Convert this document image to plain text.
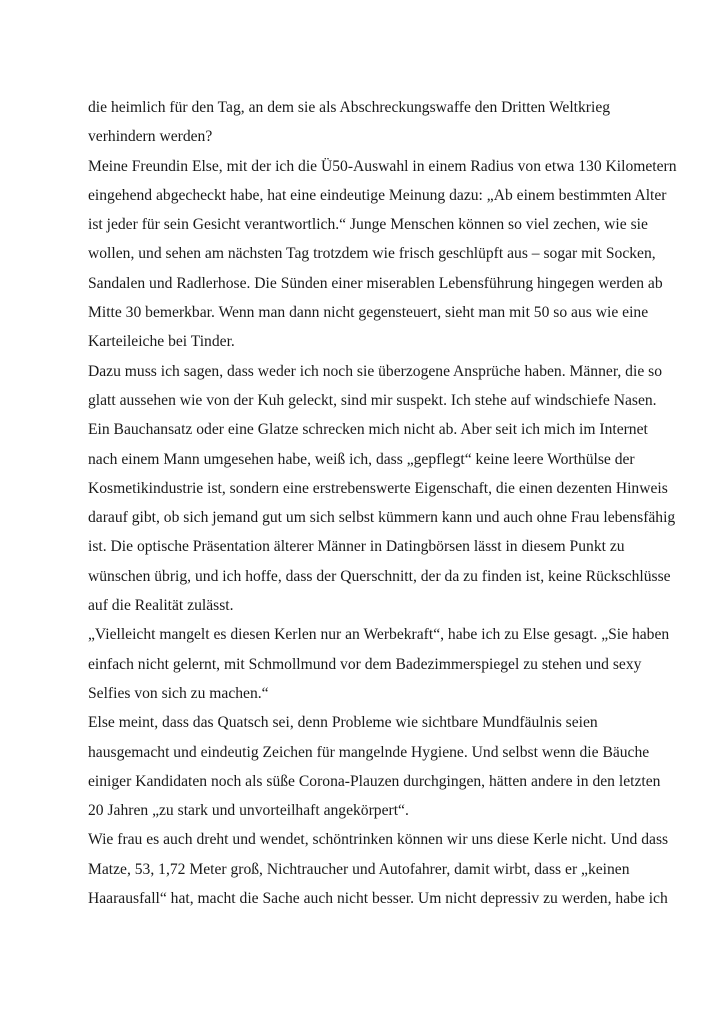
die heimlich für den Tag, an dem sie als Abschreckungswaffe den Dritten Weltkrieg
verhindern werden?
Meine Freundin Else, mit der ich die Ü50-Auswahl in einem Radius von etwa 130 Kilometern
eingehend abgecheckt habe, hat eine eindeutige Meinung dazu: „Ab einem bestimmten Alter
ist jeder für sein Gesicht verantwortlich.“ Junge Menschen können so viel zechen, wie sie
wollen, und sehen am nächsten Tag trotzdem wie frisch geschlüpft aus – sogar mit Socken,
Sandalen und Radlerhose. Die Sünden einer miserablen Lebensführung hingegen werden ab
Mitte 30 bemerkbar. Wenn man dann nicht gegensteuert, sieht man mit 50 so aus wie eine
Karteileiche bei Tinder.
Dazu muss ich sagen, dass weder ich noch sie überzogene Ansprüche haben. Männer, die so
glatt aussehen wie von der Kuh geleckt, sind mir suspekt. Ich stehe auf windschiefe Nasen.
Ein Bauchansatz oder eine Glatze schrecken mich nicht ab. Aber seit ich mich im Internet
nach einem Mann umgesehen habe, weiß ich, dass „gepflegt“ keine leere Worthülse der
Kosmetikindustrie ist, sondern eine erstrebenswerte Eigenschaft, die einen dezenten Hinweis
darauf gibt, ob sich jemand gut um sich selbst kümmern kann und auch ohne Frau lebensfähig
ist. Die optische Präsentation älterer Männer in Datingbörsen lässt in diesem Punkt zu
wünschen übrig, und ich hoffe, dass der Querschnitt, der da zu finden ist, keine Rückschlüsse
auf die Realität zulässt.
„Vielleicht mangelt es diesen Kerlen nur an Werbekraft“, habe ich zu Else gesagt. „Sie haben
einfach nicht gelernt, mit Schmollmund vor dem Badezimmerspiegel zu stehen und sexy
Selfies von sich zu machen.“
Else meint, dass das Quatsch sei, denn Probleme wie sichtbare Mundfäulnis seien
hausgemacht und eindeutig Zeichen für mangelnde Hygiene. Und selbst wenn die Bäuche
einiger Kandidaten noch als süße Corona-Plauzen durchgingen, hätten andere in den letzten
20 Jahren „zu stark und unvorteilhaft angekörpert“.
Wie frau es auch dreht und wendet, schöntrinken können wir uns diese Kerle nicht. Und dass
Matze, 53, 1,72 Meter groß, Nichtraucher und Autofahrer, damit wirbt, dass er „keinen
Haarausfall“ hat, macht die Sache auch nicht besser. Um nicht depressiv zu werden, habe ich
